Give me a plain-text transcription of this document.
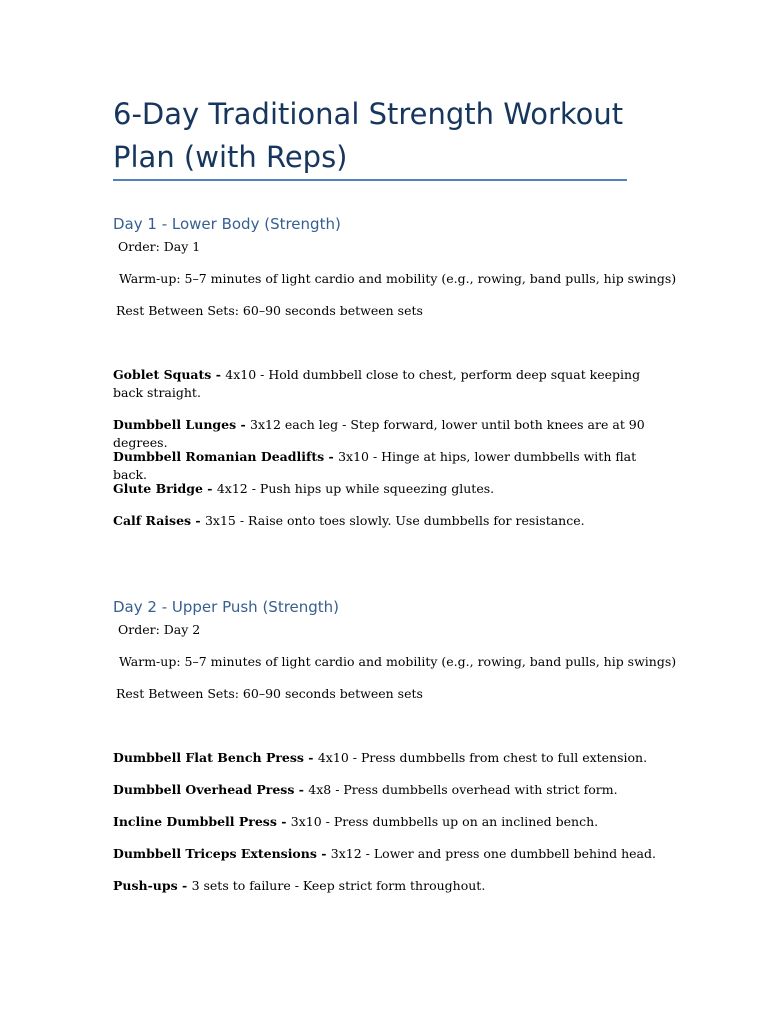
6-Day Traditional Strength Workout Plan (with Reps)
Day 1 - Lower Body (Strength)
Order: Day 1
Warm-up: 5–7 minutes of light cardio and mobility (e.g., rowing, band pulls, hip swings)
Rest Between Sets: 60–90 seconds between sets
Goblet Squats - 4x10 - Hold dumbbell close to chest, perform deep squat keeping back straight.
Dumbbell Lunges - 3x12 each leg - Step forward, lower until both knees are at 90 degrees.
Dumbbell Romanian Deadlifts - 3x10 - Hinge at hips, lower dumbbells with flat back.
Glute Bridge - 4x12 - Push hips up while squeezing glutes.
Calf Raises - 3x15 - Raise onto toes slowly. Use dumbbells for resistance.
Day 2 - Upper Push (Strength)
Order: Day 2
Warm-up: 5–7 minutes of light cardio and mobility (e.g., rowing, band pulls, hip swings)
Rest Between Sets: 60–90 seconds between sets
Dumbbell Flat Bench Press - 4x10 - Press dumbbells from chest to full extension.
Dumbbell Overhead Press - 4x8 - Press dumbbells overhead with strict form.
Incline Dumbbell Press - 3x10 - Press dumbbells up on an inclined bench.
Dumbbell Triceps Extensions - 3x12 - Lower and press one dumbbell behind head.
Push-ups - 3 sets to failure - Keep strict form throughout.
